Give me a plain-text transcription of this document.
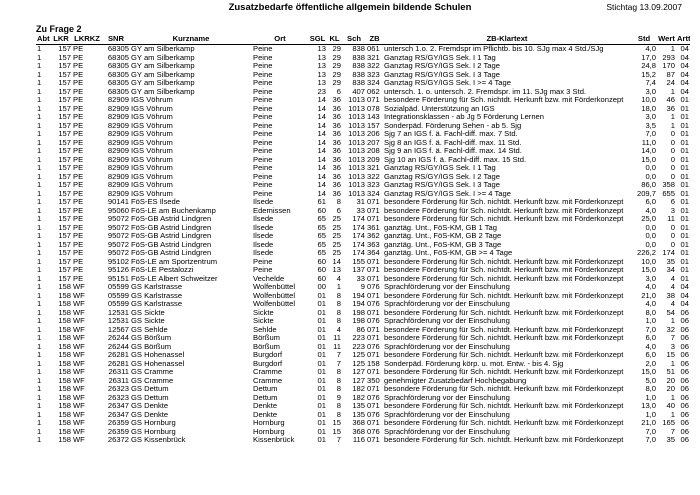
Zusatzbedarfe öffentliche allgemein bildende Schulen	Stichtag 13.09.2007
Zu Frage 2
Abt	LKR	LKRKZ	SNR	Kurzname	Ort	SGL	KL	Sch	ZB	ZB-Klartext	Std	Wert	Artt
1	157	PE	68305	GY am Silberkamp	Peine	13	29	838	061	untersch 1.o. 2. Fremdspr im Pflichtb. bis 10. SJg max 4 Std./SJg	4,0	1	04
1	157	PE	68305	GY am Silberkamp	Peine	13	29	838	321	Ganztag RS/GY/IGS Sek. I 1 Tag	17,0	293	04
1	157	PE	68305	GY am Silberkamp	Peine	13	29	838	322	Ganztag RS/GY/IGS Sek. I 2 Tage	24,8	170	04
1	157	PE	68305	GY am Silberkamp	Peine	13	29	838	323	Ganztag RS/GY/IGS Sek. I 3 Tage	15,2	87	04
1	157	PE	68305	GY am Silberkamp	Peine	13	29	838	324	Ganztag RS/GY/IGS Sek. I >= 4 Tage	7,4	24	04
1	157	PE	68305	GY am Silberkamp	Peine	23	6	407	062	untersch. 1. o. untersch. 2. Fremdspr. im 11. SJg max 3 Std.	3,0	1	04
1	157	PE	82909	IGS Vöhrum	Peine	14	36	1013	071	besondere Förderung für Sch. nichtdt. Herkunft bzw. mit Förderkonzept	10,0	46	01
1	157	PE	82909	IGS Vöhrum	Peine	14	36	1013	078	Sozialpäd. Unterstützung an IGS	18,0	36	01
1	157	PE	82909	IGS Vöhrum	Peine	14	36	1013	143	Integrationsklassen - ab Jg 5 Förderung Lernen	3,0	1	01
1	157	PE	82909	IGS Vöhrum	Peine	14	36	1013	157	Sonderpäd. Förderung Sehen - ab 5. Sjg	3,5	1	01
1	157	PE	82909	IGS Vöhrum	Peine	14	36	1013	206	Sjg 7 an IGS f. ä. Fachl-diff. max. 7 Std.	7,0	0	01
1	157	PE	82909	IGS Vöhrum	Peine	14	36	1013	207	Sjg 8 an IGS f. ä. Fachl-diff. max. 11 Std.	11,0	0	01
1	157	PE	82909	IGS Vöhrum	Peine	14	36	1013	208	Sjg 9 an IGS f. ä. Fachl-diff. max. 14 Std.	14,0	0	01
1	157	PE	82909	IGS Vöhrum	Peine	14	36	1013	209	Sjg 10 an IGS f. ä. Fachl-diff. max. 15 Std.	15,0	0	01
1	157	PE	82909	IGS Vöhrum	Peine	14	36	1013	321	Ganztag RS/GY/IGS Sek. I 1 Tag	0,0	0	01
1	157	PE	82909	IGS Vöhrum	Peine	14	36	1013	322	Ganztag RS/GY/IGS Sek. I 2 Tage	0,0	0	01
1	157	PE	82909	IGS Vöhrum	Peine	14	36	1013	323	Ganztag RS/GY/IGS Sek. I 3 Tage	86,0	358	01
1	157	PE	82909	IGS Vöhrum	Peine	14	36	1013	324	Ganztag RS/GY/IGS Sek. I >= 4 Tage	209,7	655	01
1	157	PE	90141	FöS-ES Ilsede	Ilsede	61	8	31	071	besondere Förderung für Sch. nichtdt. Herkunft bzw. mit Förderkonzept	6,0	6	01
1	157	PE	95060	FöS-LE am Buchenkamp	Edemissen	60	6	33	071	besondere Förderung für Sch. nichtdt. Herkunft bzw. mit Förderkonzept	4,0	3	01
1	157	PE	95072	FöS-GB Astrid Lindgren	Ilsede	65	25	174	071	besondere Förderung für Sch. nichtdt. Herkunft bzw. mit Förderkonzept	25,0	11	01
1	157	PE	95072	FöS-GB Astrid Lindgren	Ilsede	65	25	174	361	ganztäg. Unt., FöS-KM, GB 1 Tag	0,0	0	01
1	157	PE	95072	FöS-GB Astrid Lindgren	Ilsede	65	25	174	362	ganztäg. Unt., FöS-KM, GB 2 Tage	0,0	0	01
1	157	PE	95072	FöS-GB Astrid Lindgren	Ilsede	65	25	174	363	ganztäg. Unt., FöS-KM, GB 3 Tage	0,0	0	01
1	157	PE	95072	FöS-GB Astrid Lindgren	Ilsede	65	25	174	364	ganztäg. Unt., FöS-KM, GB >= 4 Tage	226,2	174	01
1	157	PE	95102	FöS-LE am Sportzentrum	Peine	60	14	155	071	besondere Förderung für Sch. nichtdt. Herkunft bzw. mit Förderkonzept	10,0	35	01
1	157	PE	95126	FöS-LE Pestalozzi	Peine	60	13	137	071	besondere Förderung für Sch. nichtdt. Herkunft bzw. mit Förderkonzept	15,0	34	01
1	157	PE	95151	FöS-LE Albert Schweitzer	Vechelde	60	4	33	071	besondere Förderung für Sch. nichtdt. Herkunft bzw. mit Förderkonzept	3,0	4	01
1	158	WF	05599	GS Karlstrasse	Wolfenbüttel	00	1	9	076	Sprachförderung vor der Einschulung	4,0	4	04
1	158	WF	05599	GS Karlstrasse	Wolfenbüttel	01	8	194	071	besondere Förderung für Sch. nichtdt. Herkunft bzw. mit Förderkonzept	21,0	38	04
1	158	WF	05599	GS Karlstrasse	Wolfenbüttel	01	8	194	076	Sprachförderung vor der Einschulung	4,0	4	04
1	158	WF	12531	GS Sickte	Sickte	01	8	198	071	besondere Förderung für Sch. nichtdt. Herkunft bzw. mit Förderkonzept	8,0	54	06
1	158	WF	12531	GS Sickte	Sickte	01	8	198	076	Sprachförderung vor der Einschulung	1,0	1	06
1	158	WF	12567	GS Sehlde	Sehlde	01	4	86	071	besondere Förderung für Sch. nichtdt. Herkunft bzw. mit Förderkonzept	7,0	32	06
1	158	WF	26244	GS Börßum	Börßum	01	11	223	071	besondere Förderung für Sch. nichtdt. Herkunft bzw. mit Förderkonzept	6,0	7	06
1	158	WF	26244	GS Börßum	Börßum	01	11	223	076	Sprachförderung vor der Einschulung	4,0	3	06
1	158	WF	26281	GS Hohenassel	Burgdorf	01	7	125	071	besondere Förderung für Sch. nichtdt. Herkunft bzw. mit Förderkonzept	6,0	15	06
1	158	WF	26281	GS Hohenassel	Burgdorf	01	7	125	158	Sonderpäd. Förderung körp. u. mot. Entw. - bis 4. Sjg	2,0	1	06
1	158	WF	26311	GS Cramme	Cramme	01	8	127	071	besondere Förderung für Sch. nichtdt. Herkunft bzw. mit Förderkonzept	15,0	51	06
1	158	WF	26311	GS Cramme	Cramme	01	8	127	350	genehmigter Zusatzbedarf Hochbegabung	5,0	20	06
1	158	WF	26323	GS Dettum	Dettum	01	8	182	071	besondere Förderung für Sch. nichtdt. Herkunft bzw. mit Förderkonzept	8,0	20	06
1	158	WF	26323	GS Dettum	Dettum	01	9	182	076	Sprachförderung vor der Einschulung	1,0	1	06
1	158	WF	26347	GS Denkte	Denkte	01	8	135	071	besondere Förderung für Sch. nichtdt. Herkunft bzw. mit Förderkonzept	13,0	40	06
1	158	WF	26347	GS Denkte	Denkte	01	8	135	076	Sprachförderung vor der Einschulung	1,0	1	06
1	158	WF	26359	GS Hornburg	Hornburg	01	15	368	071	besondere Förderung für Sch. nichtdt. Herkunft bzw. mit Förderkonzept	21,0	165	06
1	158	WF	26359	GS Hornburg	Hornburg	01	15	368	076	Sprachförderung vor der Einschulung	7,0	7	06
1	158	WF	26372	GS Kissenbrück	Kissenbrück	01	7	116	071	besondere Förderung für Sch. nichtdt. Herkunft bzw. mit Förderkonzept	7,0	35	06
